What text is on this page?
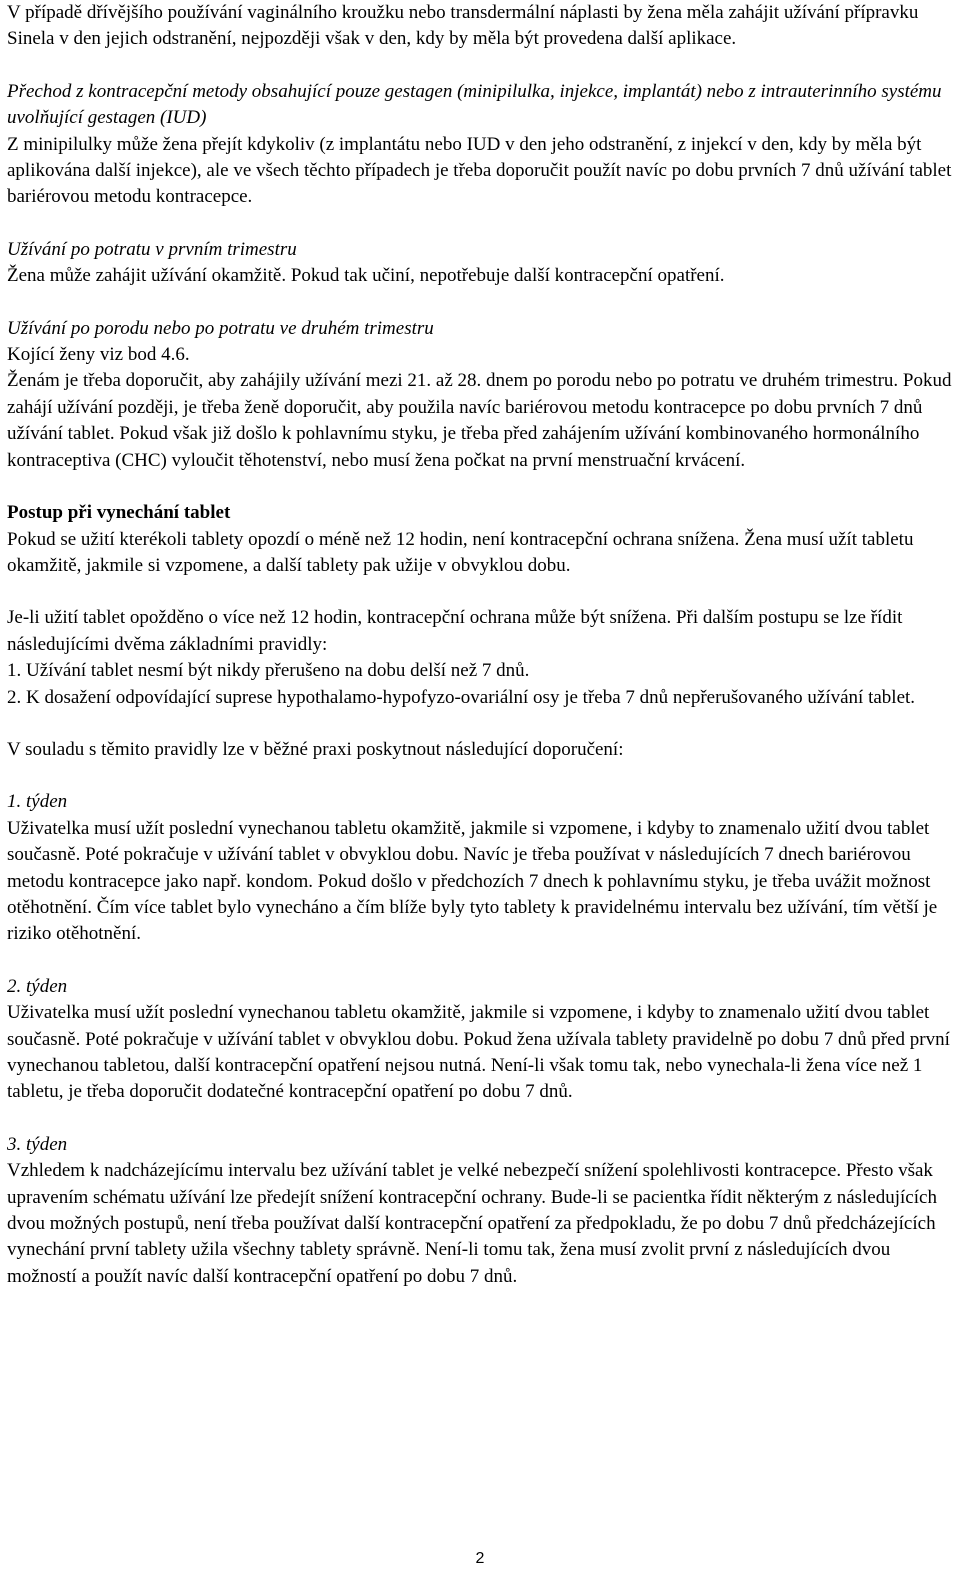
V případě dřívějšího používání vaginálního kroužku nebo transdermální náplasti by žena měla zahájit užívání přípravku Sinela v den jejich odstranění, nejpozději však v den, kdy by měla být provedena další aplikace.

Přechod z kontracepční metody obsahující pouze gestagen (minipilulka, injekce, implantát) nebo z intrauterinního systému uvolňující gestagen (IUD)

Z minipilulky může žena přejít kdykoliv (z implantátu nebo IUD v den jeho odstranění, z injekcí v den, kdy by měla být aplikována další injekce), ale ve všech těchto případech je třeba doporučit použít navíc po dobu prvních 7 dnů užívání tablet bariérovou metodu kontracepce.

Užívání po potratu v prvním trimestru

Žena může zahájit užívání okamžitě. Pokud tak učiní, nepotřebuje další kontracepční opatření.

Užívání po porodu nebo po potratu ve druhém trimestru

Kojící ženy viz bod 4.6.

Ženám je třeba doporučit, aby zahájily užívání mezi 21. až 28. dnem po porodu nebo po potratu ve druhém trimestru. Pokud zahájí užívání později, je třeba ženě doporučit, aby použila navíc bariérovou metodu kontracepce po dobu prvních 7 dnů užívání tablet. Pokud však již došlo k pohlavnímu styku, je třeba před zahájením užívání kombinovaného hormonálního kontraceptiva (CHC) vyloučit těhotenství, nebo musí žena počkat na první menstruační krvácení.

Postup při vynechání tablet

Pokud se užití kterékoli tablety opozdí o méně než 12 hodin, není kontracepční ochrana snížena. Žena musí užít tabletu okamžitě, jakmile si vzpomene, a další tablety pak užije v obvyklou dobu.

Je-li užití tablet opožděno o více než 12 hodin, kontracepční ochrana může být snížena. Při dalším postupu se lze řídit následujícími dvěma základními pravidly:

1. Užívání tablet nesmí být nikdy přerušeno na dobu delší než 7 dnů.

2. K dosažení odpovídající suprese hypothalamo-hypofyzo-ovariální osy je třeba 7 dnů nepřerušovaného užívání tablet.

V souladu s těmito pravidly lze v běžné praxi poskytnout následující doporučení:

1. týden

Uživatelka musí užít poslední vynechanou tabletu okamžitě, jakmile si vzpomene, i kdyby to znamenalo užití dvou tablet současně. Poté pokračuje v užívání tablet v obvyklou dobu. Navíc je třeba používat v následujících 7 dnech bariérovou metodu kontracepce jako např. kondom. Pokud došlo v předchozích 7 dnech k pohlavnímu styku, je třeba uvážit možnost otěhotnění. Čím více tablet bylo vynecháno a čím blíže byly tyto tablety k pravidelnému intervalu bez užívání, tím větší je riziko otěhotnění.

2. týden

Uživatelka musí užít poslední vynechanou tabletu okamžitě, jakmile si vzpomene, i kdyby to znamenalo užití dvou tablet současně. Poté pokračuje v užívání tablet v obvyklou dobu. Pokud žena užívala tablety pravidelně po dobu 7 dnů před první vynechanou tabletou, další kontracepční opatření nejsou nutná. Není-li však tomu tak, nebo vynechala-li žena více než 1 tabletu, je třeba doporučit dodatečné kontracepční opatření po dobu 7 dnů.

3. týden

Vzhledem k nadcházejícímu intervalu bez užívání tablet je velké nebezpečí snížení spolehlivosti kontracepce. Přesto však upravením schématu užívání lze předejít snížení kontracepční ochrany. Bude-li se pacientka řídit některým z následujících dvou možných postupů, není třeba používat další kontracepční opatření za předpokladu, že po dobu 7 dnů předcházejících vynechání první tablety užila všechny tablety správně. Není-li tomu tak, žena musí zvolit první z následujících dvou možností a použít navíc další kontracepční opatření po dobu 7 dnů.

2
